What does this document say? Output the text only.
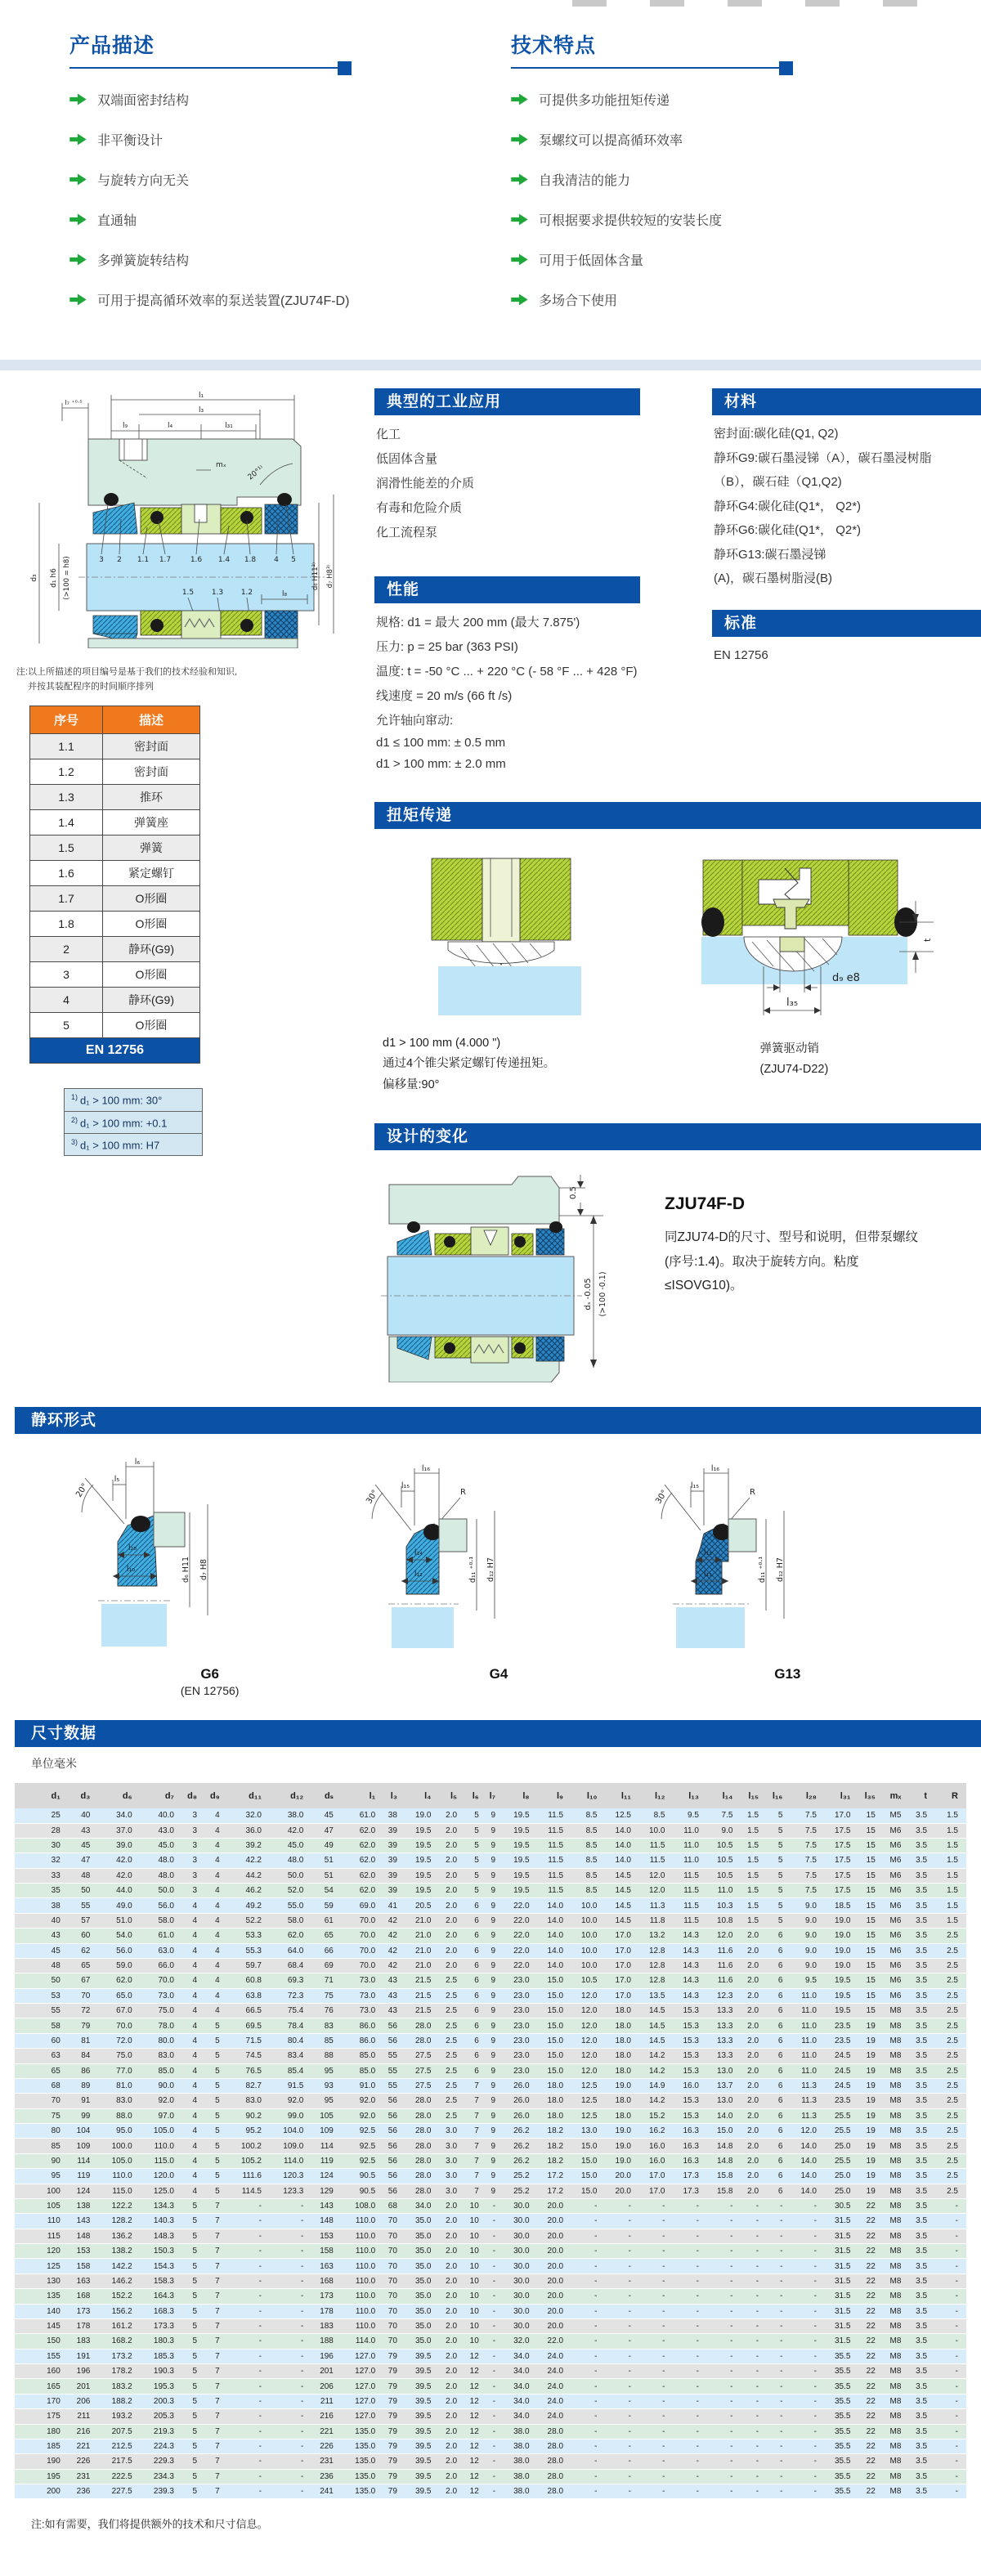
产品描述
双端面密封结构
非平衡设计
与旋转方向无关
直通轴
多弹簧旋转结构
可用于提高循环效率的泵送装置(ZJU74F-D)
技术特点
可提供多功能扭矩传递
泵螺纹可以提高循环效率
自我清洁的能力
可根据要求提供较短的安装长度
可用于低固体含量
多场合下使用
l₁
l₃
l₇ ⁺⁰·⁵
l₉	l₄	l₃₁
mₓ	20°¹⁾
3 2 1.1 1.7	1.6 1.4 1.8 4 5
1.5 1.3 1.2	l₈
d₃ d₁ h6 (>100 = h8)	d₆ H11²⁾ d₇ H8³⁾

注:以上所描述的项目编号是基于我们的技术经验和知识,
并按其装配程序的时间顺序排列

序号	描述
1.1	密封面
1.2	密封面
1.3	推环
1.4	弹簧座
1.5	弹簧
1.6	紧定螺钉
1.7	O形圈
1.8	O形圈
2	静环(G9)
3	O形圈
4	静环(G9)
5	O形圈
EN 12756	
$^{1)}$ d₁ > 100 mm: 30°
$^{2)}$ d₁ > 100 mm: +0.1
$^{3)}$ d₁ > 100 mm: H7
典型的工业应用
化工
低固体含量
润滑性能差的介质
有毒和危险介质
化工流程泵
性能
规格: d1 = 最大 200 mm (最大 7.875')
压力: p = 25 bar (363 PSI)
温度: t = -50 °C ... + 220 °C (- 58 °F ... + 428 °F)
线速度 = 20 m/s (66 ft /s)
允许轴向窜动:
d1 ≤ 100 mm: ± 0.5 mm
d1 > 100 mm: ± 2.0 mm
材料
密封面:碳化硅(Q1, Q2)
静环G9:碳石墨浸锑（A），碳石墨浸树脂
（B），碳石硅（Q1,Q2)
静环G4:碳化硅(Q1*， Q2*)
静环G6:碳化硅(Q1*， Q2*)
静环G13:碳石墨浸锑
(A)，碳石墨树脂浸(B)
标准

EN 12756

扭矩传递
d1 > 100 mm (4.000 ")
通过4个锥尖紧定螺钉传递扭矩。
偏移量:90°
t
d₉ e8
l₃₅
弹簧驱动销
(ZJU74-D22)
设计的变化
0.5
dₛ -0.05 (>100 -0.1)
ZJU74F-D

同ZJU74-D的尺寸、型号和说明，但带泵螺纹(序号:1.4)。取决于旋转方向。粘度≤ISOVG10)。

静环形式
20°
l₆
l₅
l₂₈
l₁₀	d₆ H11 d₇ H8
G6
(EN 12756)
30°
l₁₆
l₁₅
R
l₁₄
l₁₂	d₁₁ ⁺⁰·¹ d₁₂ H7
G4
30°
l₁₆
l₁₅
R
l₁₃
l₁₁	d₁₁ ⁺⁰·¹ d₁₂ H7
G13
尺寸数据

单位毫米

d₁	d₃	d₆	d₇	d₈	d₉	d₁₁	d₁₂	dₛ	l₁	l₃	l₄	l₅	l₆	l₇	l₈	l₉	l₁₀	l₁₁	l₁₂	l₁₃	l₁₄	l₁₅	l₁₆	l₂₈	l₃₁	l₃₅	mₓ	t	R
25	40	34.0	40.0	3	4	32.0	38.0	45	61.0	38	19.0	2.0	5	9	19.5	11.5	8.5	12.5	8.5	9.5	7.5	1.5	5	7.5	17.0	15	M5	3.5	1.5
28	43	37.0	43.0	3	4	36.0	42.0	47	62.0	39	19.5	2.0	5	9	19.5	11.5	8.5	14.0	10.0	11.0	9.0	1.5	5	7.5	17.5	15	M6	3.5	1.5
30	45	39.0	45.0	3	4	39.2	45.0	49	62.0	39	19.5	2.0	5	9	19.5	11.5	8.5	14.0	11.5	11.0	10.5	1.5	5	7.5	17.5	15	M6	3.5	1.5
32	47	42.0	48.0	3	4	42.2	48.0	51	62.0	39	19.5	2.0	5	9	19.5	11.5	8.5	14.0	11.5	11.0	10.5	1.5	5	7.5	17.5	15	M6	3.5	1.5
33	48	42.0	48.0	3	4	44.2	50.0	51	62.0	39	19.5	2.0	5	9	19.5	11.5	8.5	14.5	12.0	11.5	10.5	1.5	5	7.5	17.5	15	M6	3.5	1.5
35	50	44.0	50.0	3	4	46.2	52.0	54	62.0	39	19.5	2.0	5	9	19.5	11.5	8.5	14.5	12.0	11.5	11.0	1.5	5	7.5	17.5	15	M6	3.5	1.5
38	55	49.0	56.0	4	4	49.2	55.0	59	69.0	41	20.5	2.0	6	9	22.0	14.0	10.0	14.5	11.3	11.5	10.3	1.5	5	9.0	18.5	15	M6	3.5	1.5
40	57	51.0	58.0	4	4	52.2	58.0	61	70.0	42	21.0	2.0	6	9	22.0	14.0	10.0	14.5	11.8	11.5	10.8	1.5	5	9.0	19.0	15	M6	3.5	1.5
43	60	54.0	61.0	4	4	53.3	62.0	65	70.0	42	21.0	2.0	6	9	22.0	14.0	10.0	17.0	13.2	14.3	12.0	2.0	6	9.0	19.0	15	M6	3.5	2.5
45	62	56.0	63.0	4	4	55.3	64.0	66	70.0	42	21.0	2.0	6	9	22.0	14.0	10.0	17.0	12.8	14.3	11.6	2.0	6	9.0	19.0	15	M6	3.5	2.5
48	65	59.0	66.0	4	4	59.7	68.4	69	70.0	42	21.0	2.0	6	9	22.0	14.0	10.0	17.0	12.8	14.3	11.6	2.0	6	9.0	19.0	15	M6	3.5	2.5
50	67	62.0	70.0	4	4	60.8	69.3	71	73.0	43	21.5	2.5	6	9	23.0	15.0	10.5	17.0	12.8	14.3	11.6	2.0	6	9.5	19.5	15	M6	3.5	2.5
53	70	65.0	73.0	4	4	63.8	72.3	75	73.0	43	21.5	2.5	6	9	23.0	15.0	12.0	17.0	13.5	14.3	12.3	2.0	6	11.0	19.5	15	M6	3.5	2.5
55	72	67.0	75.0	4	4	66.5	75.4	76	73.0	43	21.5	2.5	6	9	23.0	15.0	12.0	18.0	14.5	15.3	13.3	2.0	6	11.0	19.5	15	M8	3.5	2.5
58	79	70.0	78.0	4	5	69.5	78.4	83	86.0	56	28.0	2.5	6	9	23.0	15.0	12.0	18.0	14.5	15.3	13.3	2.0	6	11.0	23.5	19	M8	3.5	2.5
60	81	72.0	80.0	4	5	71.5	80.4	85	86.0	56	28.0	2.5	6	9	23.0	15.0	12.0	18.0	14.5	15.3	13.3	2.0	6	11.0	23.5	19	M8	3.5	2.5
63	84	75.0	83.0	4	5	74.5	83.4	88	85.0	55	27.5	2.5	6	9	23.0	15.0	12.0	18.0	14.2	15.3	13.3	2.0	6	11.0	24.5	19	M8	3.5	2.5
65	86	77.0	85.0	4	5	76.5	85.4	95	85.0	55	27.5	2.5	6	9	23.0	15.0	12.0	18.0	14.2	15.3	13.0	2.0	6	11.0	24.5	19	M8	3.5	2.5
68	89	81.0	90.0	4	5	82.7	91.5	93	91.0	55	27.5	2.5	7	9	26.0	18.0	12.5	19.0	14.9	16.0	13.7	2.0	6	11.3	24.5	19	M8	3.5	2.5
70	91	83.0	92.0	4	5	83.0	92.0	95	92.0	56	28.0	2.5	7	9	26.0	18.0	12.5	18.0	14.2	15.3	13.0	2.0	6	11.3	23.5	19	M8	3.5	2.5
75	99	88.0	97.0	4	5	90.2	99.0	105	92.0	56	28.0	2.5	7	9	26.0	18.0	12.5	18.0	15.2	15.3	14.0	2.0	6	11.3	25.5	19	M8	3.5	2.5
80	104	95.0	105.0	4	5	95.2	104.0	109	92.5	56	28.0	3.0	7	9	26.2	18.2	13.0	19.0	16.2	16.3	15.0	2.0	6	12.0	25.5	19	M8	3.5	2.5
85	109	100.0	110.0	4	5	100.2	109.0	114	92.5	56	28.0	3.0	7	9	26.2	18.2	15.0	19.0	16.0	16.3	14.8	2.0	6	14.0	25.0	19	M8	3.5	2.5
90	114	105.0	115.0	4	5	105.2	114.0	119	92.5	56	28.0	3.0	7	9	26.2	18.2	15.0	19.0	16.0	16.3	14.8	2.0	6	14.0	25.5	19	M8	3.5	2.5
95	119	110.0	120.0	4	5	111.6	120.3	124	90.5	56	28.0	3.0	7	9	25.2	17.2	15.0	20.0	17.0	17.3	15.8	2.0	6	14.0	25.0	19	M8	3.5	2.5
100	124	115.0	125.0	4	5	114.5	123.3	129	90.5	56	28.0	3.0	7	9	25.2	17.2	15.0	20.0	17.0	17.3	15.8	2.0	6	14.0	25.0	19	M8	3.5	2.5
105	138	122.2	134.3	5	7	-	-	143	108.0	68	34.0	2.0	10	-	30.0	20.0	-	-	-	-	-	-	-	-	30.5	22	M8	3.5	-
110	143	128.2	140.3	5	7	-	-	148	110.0	70	35.0	2.0	10	-	30.0	20.0	-	-	-	-	-	-	-	-	31.5	22	M8	3.5	-
115	148	136.2	148.3	5	7	-	-	153	110.0	70	35.0	2.0	10	-	30.0	20.0	-	-	-	-	-	-	-	-	31.5	22	M8	3.5	-
120	153	138.2	150.3	5	7	-	-	158	110.0	70	35.0	2.0	10	-	30.0	20.0	-	-	-	-	-	-	-	-	31.5	22	M8	3.5	-
125	158	142.2	154.3	5	7	-	-	163	110.0	70	35.0	2.0	10	-	30.0	20.0	-	-	-	-	-	-	-	-	31.5	22	M8	3.5	-
130	163	146.2	158.3	5	7	-	-	168	110.0	70	35.0	2.0	10	-	30.0	20.0	-	-	-	-	-	-	-	-	31.5	22	M8	3.5	-
135	168	152.2	164.3	5	7	-	-	173	110.0	70	35.0	2.0	10	-	30.0	20.0	-	-	-	-	-	-	-	-	31.5	22	M8	3.5	-
140	173	156.2	168.3	5	7	-	-	178	110.0	70	35.0	2.0	10	-	30.0	20.0	-	-	-	-	-	-	-	-	31.5	22	M8	3.5	-
145	178	161.2	173.3	5	7	-	-	183	110.0	70	35.0	2.0	10	-	30.0	20.0	-	-	-	-	-	-	-	-	31.5	22	M8	3.5	-
150	183	168.2	180.3	5	7	-	-	188	114.0	70	35.0	2.0	10	-	32.0	22.0	-	-	-	-	-	-	-	-	31.5	22	M8	3.5	-
155	191	173.2	185.3	5	7	-	-	196	127.0	79	39.5	2.0	12	-	34.0	24.0	-	-	-	-	-	-	-	-	35.5	22	M8	3.5	-
160	196	178.2	190.3	5	7	-	-	201	127.0	79	39.5	2.0	12	-	34.0	24.0	-	-	-	-	-	-	-	-	35.5	22	M8	3.5	-
165	201	183.2	195.3	5	7	-	-	206	127.0	79	39.5	2.0	12	-	34.0	24.0	-	-	-	-	-	-	-	-	35.5	22	M8	3.5	-
170	206	188.2	200.3	5	7	-	-	211	127.0	79	39.5	2.0	12	-	34.0	24.0	-	-	-	-	-	-	-	-	35.5	22	M8	3.5	-
175	211	193.2	205.3	5	7	-	-	216	127.0	79	39.5	2.0	12	-	34.0	24.0	-	-	-	-	-	-	-	-	35.5	22	M8	3.5	-
180	216	207.5	219.3	5	7	-	-	221	135.0	79	39.5	2.0	12	-	38.0	28.0	-	-	-	-	-	-	-	-	35.5	22	M8	3.5	-
185	221	212.5	224.3	5	7	-	-	226	135.0	79	39.5	2.0	12	-	38.0	28.0	-	-	-	-	-	-	-	-	35.5	22	M8	3.5	-
190	226	217.5	229.3	5	7	-	-	231	135.0	79	39.5	2.0	12	-	38.0	28.0	-	-	-	-	-	-	-	-	35.5	22	M8	3.5	-
195	231	222.5	234.3	5	7	-	-	236	135.0	79	39.5	2.0	12	-	38.0	28.0	-	-	-	-	-	-	-	-	35.5	22	M8	3.5	-
200	236	227.5	239.3	5	7	-	-	241	135.0	79	39.5	2.0	12	-	38.0	28.0	-	-	-	-	-	-	-	-	35.5	22	M8	3.5	-

注:如有需要，我们将提供额外的技术和尺寸信息。
